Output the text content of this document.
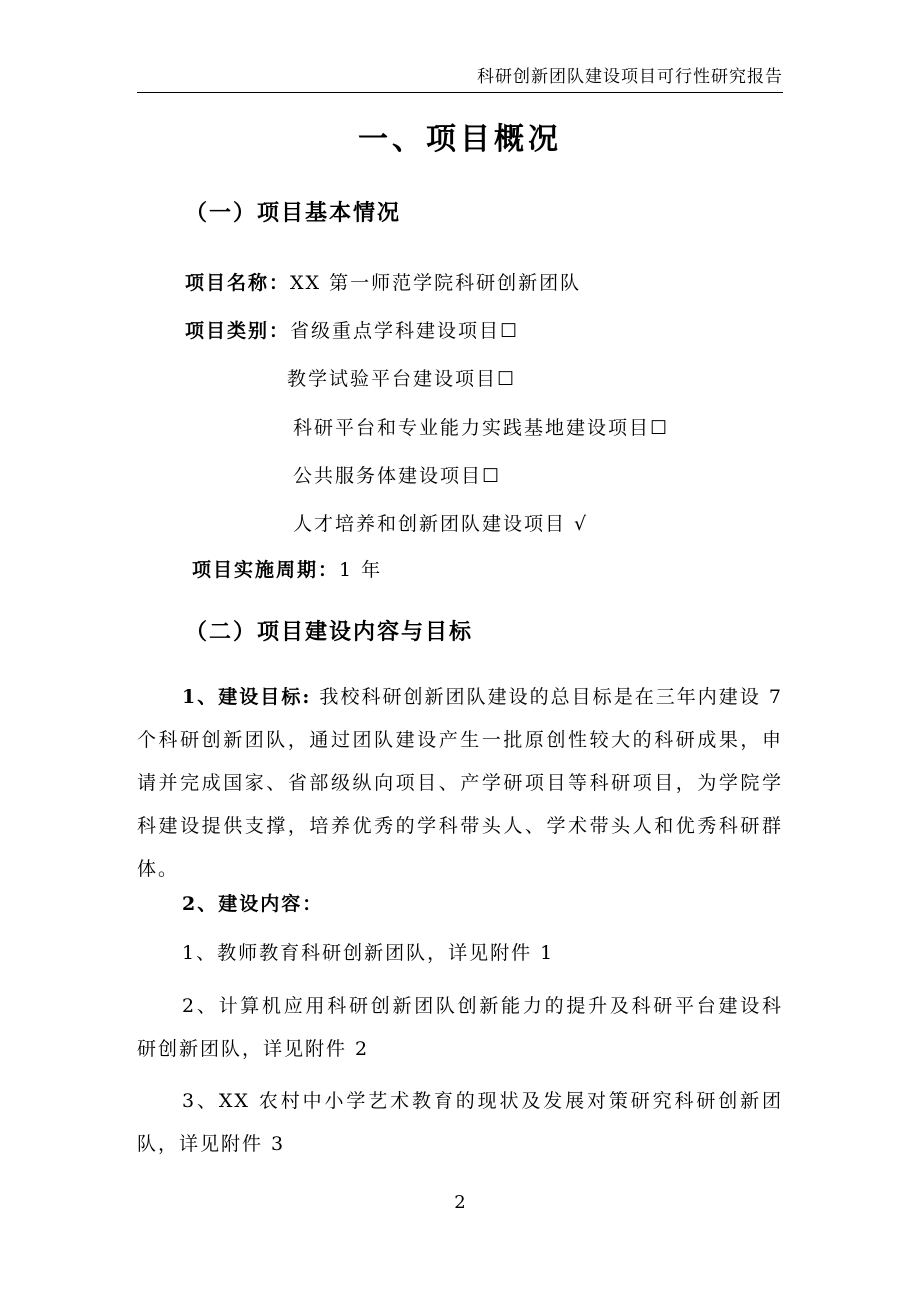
科研创新团队建设项目可行性研究报告
一、项目概况
（一）项目基本情况
项目名称：XX 第一师范学院科研创新团队
项目类别：省级重点学科建设项目☐
教学试验平台建设项目☐
科研平台和专业能力实践基地建设项目☐
公共服务体建设项目☐
人才培养和创新团队建设项目 √
项目实施周期：1 年
（二）项目建设内容与目标
1、建设目标: 我校科研创新团队建设的总目标是在三年内建设 7 个科研创新团队，通过团队建设产生一批原创性较大的科研成果，申请并完成国家、省部级纵向项目、产学研项目等科研项目，为学院学科建设提供支撑，培养优秀的学科带头人、学术带头人和优秀科研群体。
2、建设内容：
1、教师教育科研创新团队，详见附件 1
2、计算机应用科研创新团队创新能力的提升及科研平台建设科研创新团队，详见附件 2
3、XX 农村中小学艺术教育的现状及发展对策研究科研创新团队，详见附件 3
2
